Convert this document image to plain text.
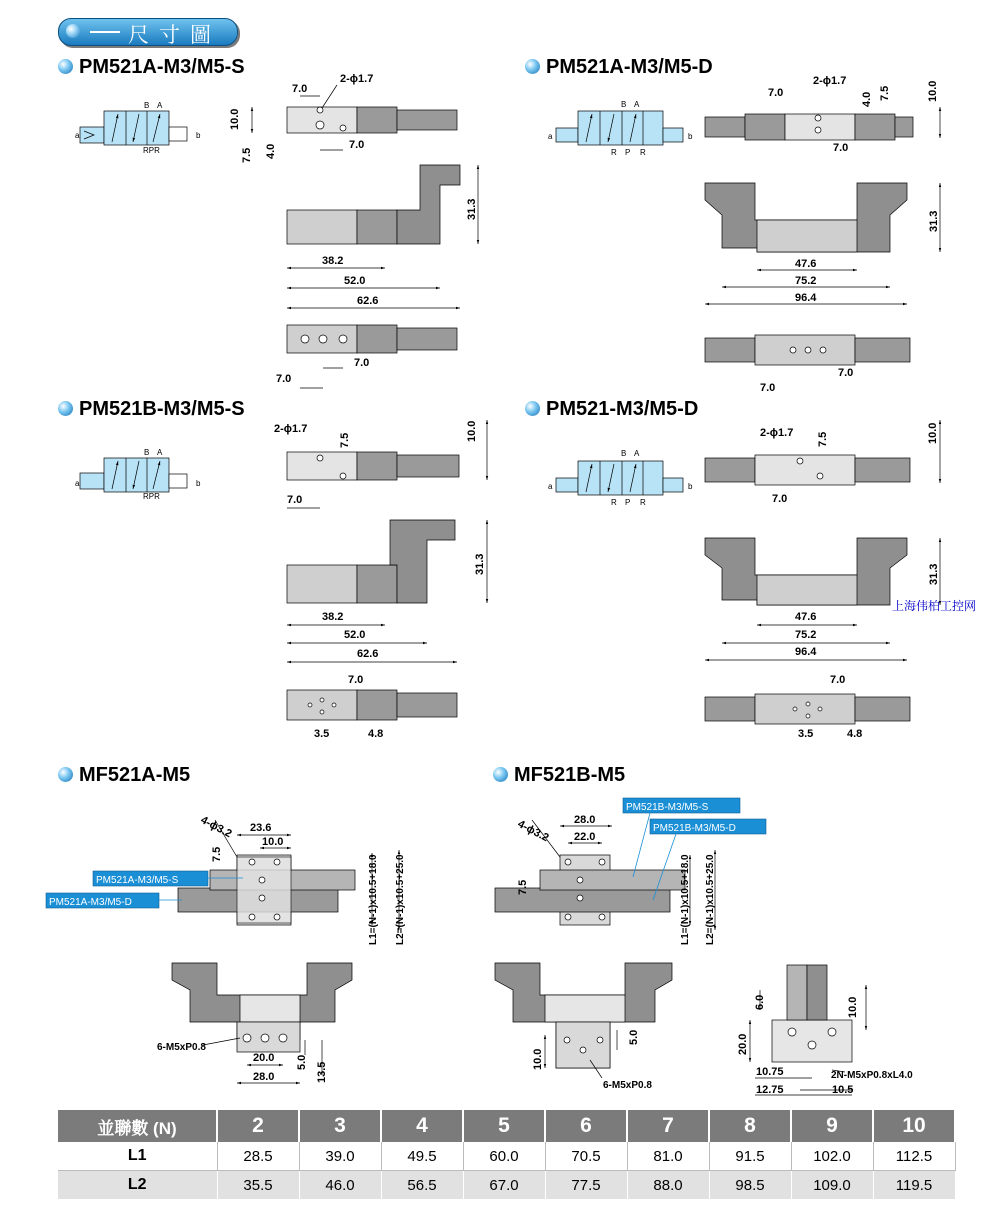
尺寸圖
PM521A-M3/M5-S	PM521A-M3/M5-D
PM521B-M3/M5-S	PM521-M3/M5-D
MF521A-M5	MF521B-M5
上海伟柏工控网
a	b
B A
RPR
a	b
B A
R P R
a	b
B A
RPR
a	b
B A
R P R
7.0
2-ϕ1.7
10.0
7.5 4.0	7.0
31.3
38.2
52.0
62.6
7.0
7.0
7.0
2-ϕ1.7
4.0 7.5	10.0
7.0
31.3
47.6
75.2
96.4
7.0
7.0
2-ϕ1.7
7.5	10.0
7.0
31.3
38.2
52.0
62.6
7.0
3.5	4.8
2-ϕ1.7 7.5	10.0
7.0
31.3
47.6
75.2
96.4
7.0
3.5	4.8
4-ϕ3.2 23.6
10.0
7.5
L1=(N-1)x10.5+18.0 L2=(N-1)x10.5+25.0
PM521A-M3/M5-S
PM521A-M3/M5-D
6-M5xP0.8
20.0
28.0
5.0 13.5
4-ϕ3.2 28.0
22.0
7.5	L1=(N-1)x10.5+18.0 L2=(N-1)x10.5+25.0
PM521B-M3/M5-S
PM521B-M3/M5-D
10.0
5.0
6-M5xP0.8
6.0	10.0
20.0
10.75
12.75	10.5
2N-M5xP0.8xL4.0
並聯數 (N)	2	3	4	5	6	7	8	9	10
L1	28.5	39.0	49.5	60.0	70.5	81.0	91.5	102.0	112.5
L2	35.5	46.0	56.5	67.0	77.5	88.0	98.5	109.0	119.5
